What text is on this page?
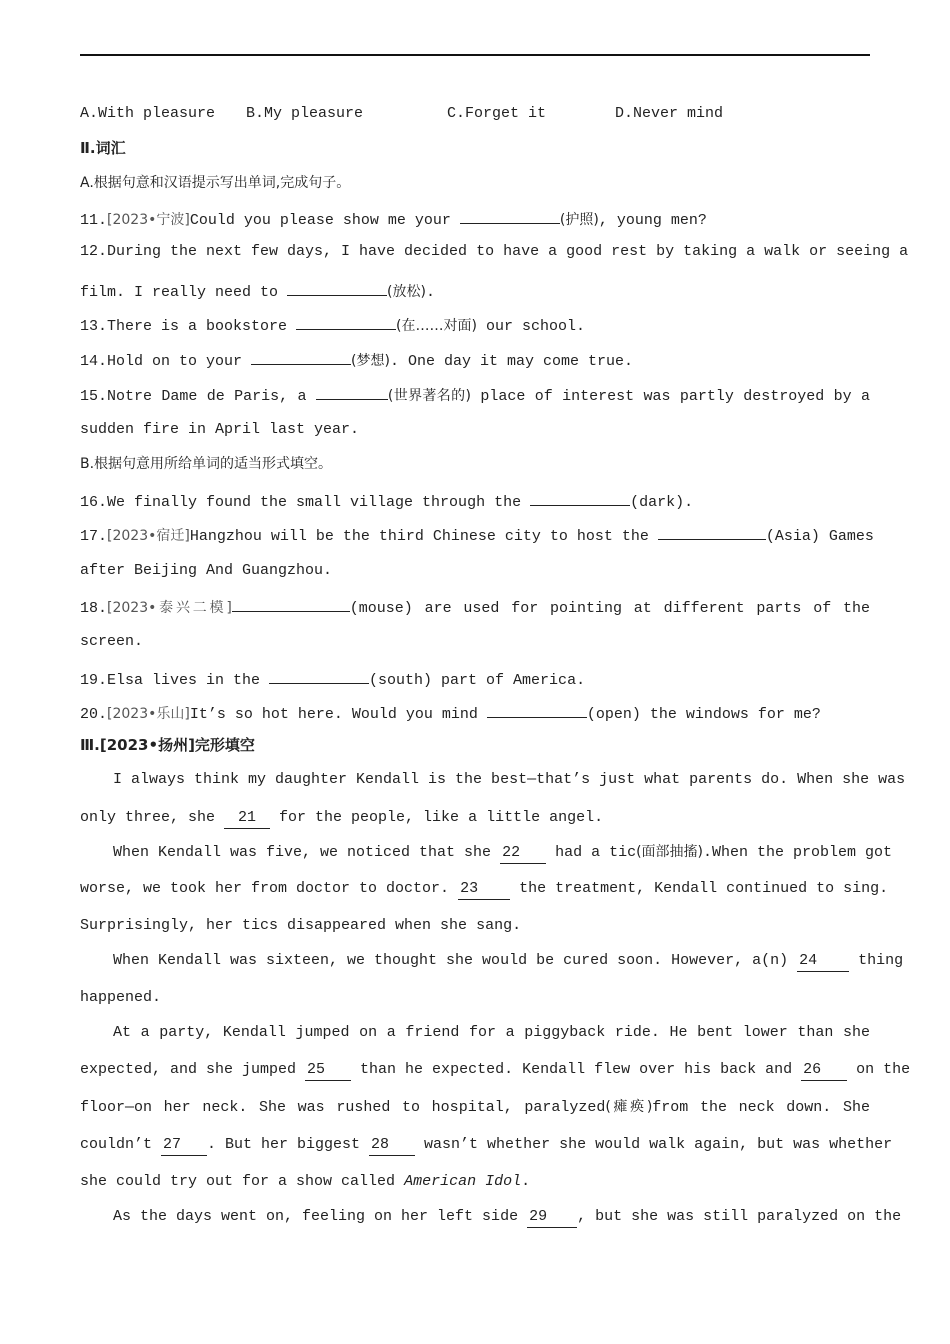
A.With pleasure B.My pleasure	C.Forget it	D.Never mind
Ⅱ.词汇
A.根据句意和汉语提示写出单词,完成句子。
11.[2023•宁波]Could you please show me your	(护照), young men?
12.During the next few days, I have decided to have a good rest by taking a walk or seeing a
film. I really need to	(放松).
13.There is a bookstore	(在……对面) our school.
14.Hold on to your	(梦想). One day it may come true.
15.Notre Dame de Paris, a	(世界著名的) place of interest was partly destroyed by a
sudden fire in April last year.
B.根据句意用所给单词的适当形式填空。
16.We finally found the small village through the	(dark).
17.[2023•宿迁]Hangzhou will be the third Chinese city to host the	(Asia) Games
after Beijing And Guangzhou.
18.[2023•泰兴二模]	(mouse) are used for pointing at different parts of the
screen.
19.Elsa lives in the	(south) part of America.
20.[2023•乐山]It’s so hot here. Would you mind	(open) the windows for me?
Ⅲ.[2023•扬州]完形填空
I always think my daughter Kendall is the best—that’s just what parents do. When she was
only three, she 21 for the people, like a little angel.
When Kendall was five, we noticed that she 22 had a tic(面部抽搐).When the problem got
worse, we took her from doctor to doctor. 23 the treatment, Kendall continued to sing.
Surprisingly, her tics disappeared when she sang.
When Kendall was sixteen, we thought she would be cured soon. However, a(n) 24 thing
happened.
At a party, Kendall jumped on a friend for a piggyback ride. He bent lower than she
expected, and she jumped 25 than he expected. Kendall flew over his back and 26 on the
floor—on her neck. She was rushed to hospital, paralyzed(瘫痪)from the neck down. She
couldn’t 27 . But her biggest 28 wasn’t whether she would walk again, but was whether
she could try out for a show called American Idol.
As the days went on, feeling on her left side 29 , but she was still paralyzed on the
